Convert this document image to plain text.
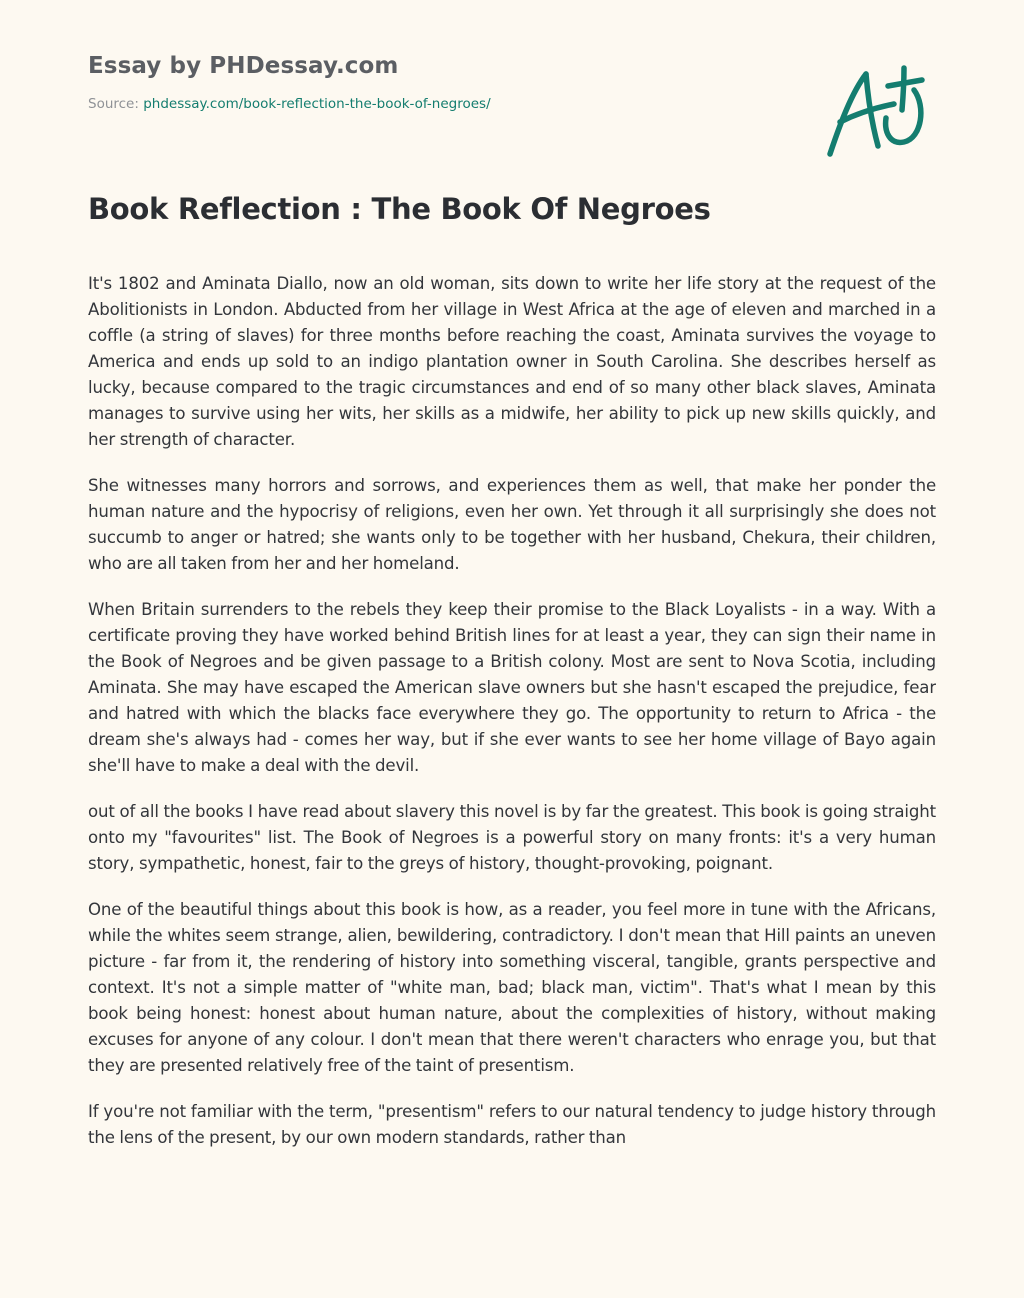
Essay by PHDessay.com
Source: phdessay.com/book-reflection-the-book-of-negroes/
Book Reflection : The Book Of Negroes

It's 1802 and Aminata Diallo, now an old woman, sits down to write her life story at the request of the Abolitionists in London. Abducted from her village in West Africa at the age of eleven and marched in a coffle (a string of slaves) for three months before reaching the coast, Aminata survives the voyage to America and ends up sold to an indigo plantation owner in South Carolina. She describes herself as lucky, because compared to the tragic circumstances and end of so many other black slaves, Aminata manages to survive using her wits, her skills as a midwife, her ability to pick up new skills quickly, and her strength of character.

She witnesses many horrors and sorrows, and experiences them as well, that make her ponder the human nature and the hypocrisy of religions, even her own. Yet through it all surprisingly she does not succumb to anger or hatred; she wants only to be together with her husband, Chekura, their children, who are all taken from her and her homeland.

When Britain surrenders to the rebels they keep their promise to the Black Loyalists - in a way. With a certificate proving they have worked behind British lines for at least a year, they can sign their name in the Book of Negroes and be given passage to a British colony. Most are sent to Nova Scotia, including Aminata. She may have escaped the American slave owners but she hasn't escaped the prejudice, fear and hatred with which the blacks face everywhere they go. The opportunity to return to Africa - the dream she's always had - comes her way, but if she ever wants to see her home village of Bayo again she'll have to make a deal with the devil.

out of all the books I have read about slavery this novel is by far the greatest. This book is going straight onto my "favourites" list. The Book of Negroes is a powerful story on many fronts: it's a very human story, sympathetic, honest, fair to the greys of history, thought-provoking, poignant.

One of the beautiful things about this book is how, as a reader, you feel more in tune with the Africans, while the whites seem strange, alien, bewildering, contradictory. I don't mean that Hill paints an uneven picture - far from it, the rendering of history into something visceral, tangible, grants perspective and context. It's not a simple matter of "white man, bad; black man, victim". That's what I mean by this book being honest: honest about human nature, about the complexities of history, without making excuses for anyone of any colour. I don't mean that there weren't characters who enrage you, but that they are presented relatively free of the taint of presentism.

If you're not familiar with the term, "presentism" refers to our natural tendency to judge history through the lens of the present, by our own modern standards, rather than
